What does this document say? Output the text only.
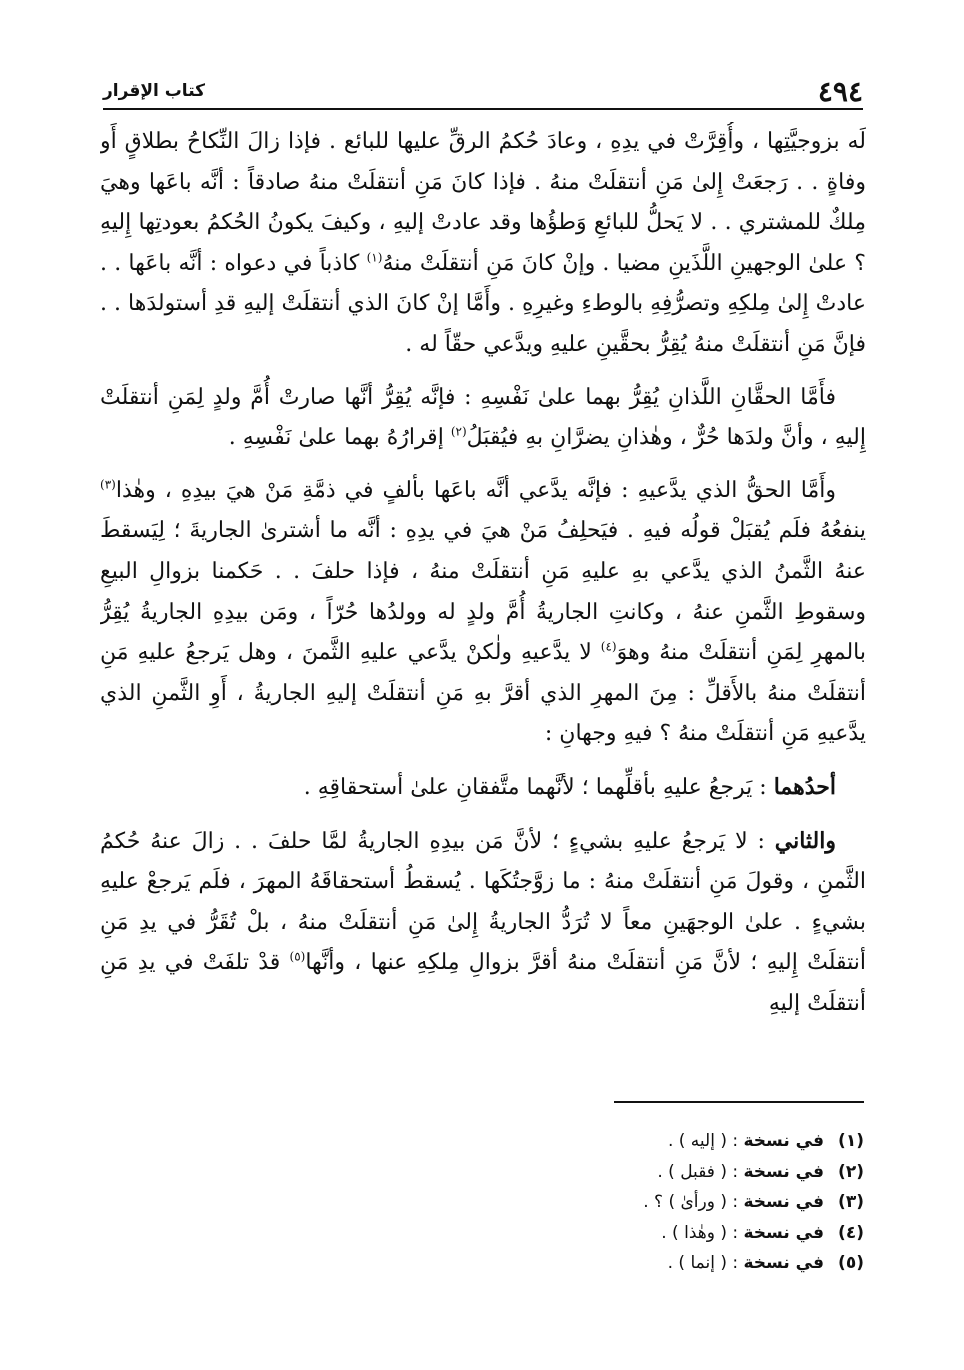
٤٩٤
كتاب الإقرار

لَه بزوجيَّتِها ، وأُقِرَّتْ في يدِهِ ، وعادَ حُكمُ الرقِّ عليها للبائع . فإذا زالَ النِّكاحُ بطلاقٍ أَو وفاةٍ . . رَجعَتْ إِلىٰ مَنِ أنتقلَتْ منهُ . فإذا كانَ مَنِ أنتقلَتْ منهُ صادقاً : أنَّه باعَها وهيَ مِلكٌ للمشتري . . لا يَحلُّ للبائعِ وَطؤُها وقد عادتْ إليهِ ، وكيفَ يكونُ الحُكمُ بعودتِها إِليهِ ؟ علىٰ الوجهينِ اللَّذَينِ مضيا . وإنْ كانَ مَنِ أنتقلَتْ منهُ$^{(١)}$ كاذباً في دعواه : أنَّه باعَها . . عادتْ إِلىٰ مِلكِهِ وتصرُّفِهِ بالوطءِ وغيرِهِ . وأَمَّا إنْ كانَ الذي أنتقلَتْ إليهِ قدِ أستولدَها . . فإنَّ مَنِ أنتقلَتْ منهُ يُقِرُّ بحقَّينِ عليهِ ويدَّعي حقّاً له .

فأَمَّا الحقَّانِ اللَّذانِ يُقِرُّ بهما علىٰ نَفْسِهِ : فإنَّه يُقِرُّ أنَّها صارتْ أُمَّ ولدٍ لِمَنِ أنتقلَتْ إِليهِ ، وأنَّ ولدَها حُرٌّ ، وهٰذانِ يضرَّانِ بهِ فيُقبَلُ$^{(٢)}$ إقرارُهُ بهما علىٰ نَفْسِهِ .

وأَمَّا الحقُّ الذي يدَّعيهِ : فإنَّه يدَّعي أنَّه باعَها بألفٍ في ذمَّةِ مَنْ هيَ بيدِهِ ، وهٰذا$^{(٣)}$ ينفعُهُ فلَم يُقبَلْ قولُه فيهِ . فيَحلِفُ مَنْ هيَ في يدِهِ : أنَّه ما أشترىٰ الجاريةَ ؛ لِيَسقطَ عنهُ الثَّمنُ الذي يدَّعي بهِ عليهِ مَنِ أنتقلَتْ منهُ ، فإذا حلفَ . . حَكمنا بزوالِ البيعِ وسقوطِ الثَّمنِ عنهُ ، وكانتِ الجاريةُ أُمَّ ولدٍ له وولدُها حُرّاً ، ومَن بيدِهِ الجاريةُ يُقِرُّ بالمهرِ لِمَنِ أنتقلَتْ منهُ وهوَ$^{(٤)}$ لا يدَّعيهِ ولٰكنْ يدَّعي عليهِ الثَّمنَ ، وهل يَرجعُ عليهِ مَنِ أنتقلَتْ منهُ بالأَقلِّ : مِنَ المهرِ الذي أقرَّ بهِ مَنِ أنتقلَتْ إليهِ الجاريةُ ، أَوِ الثَّمنِ الذي يدَّعيهِ مَنِ أنتقلَتْ منهُ ؟ فيهِ وجهانِ :

أحدُهما : يَرجعُ عليهِ بأقلِّهما ؛ لأنَّهما متَّفقانِ علىٰ أستحقاقِهِ .

والثاني : لا يَرجعُ عليهِ بشيءٍ ؛ لأنَّ مَن بيدِهِ الجاريةُ لمَّا حلفَ . . زالَ عنهُ حُكمُ الثَّمنِ ، وقولَ مَنِ أنتقلَتْ منهُ : ما زوَّجتُكَها . يُسقطُ أستحقاقَهُ المهرَ ، فلَم يَرجعْ عليهِ بشيءٍ . علىٰ الوجهَينِ معاً لا تُرَدُّ الجاريةُ إِلىٰ مَنِ أنتقلَتْ منهُ ، بلْ تُقَرُّ في يدِ مَنِ أنتقلَتْ إِليهِ ؛ لأنَّ مَنِ أنتقلَتْ منهُ أقرَّ بزوالِ مِلكِهِ عنها ، وأنَّها$^{(٥)}$ قدْ تلفَتْ في يدِ مَنِ أنتقلَتْ إليهِ

(١)
في نسخة : ( إليه ) .
(٢)
في نسخة : ( فقبل ) .
(٣)
في نسخة : ( ورأىٰ ) ؟ .
(٤)
في نسخة : ( وهٰذا ) .
(٥)
في نسخة : ( إنما ) .
